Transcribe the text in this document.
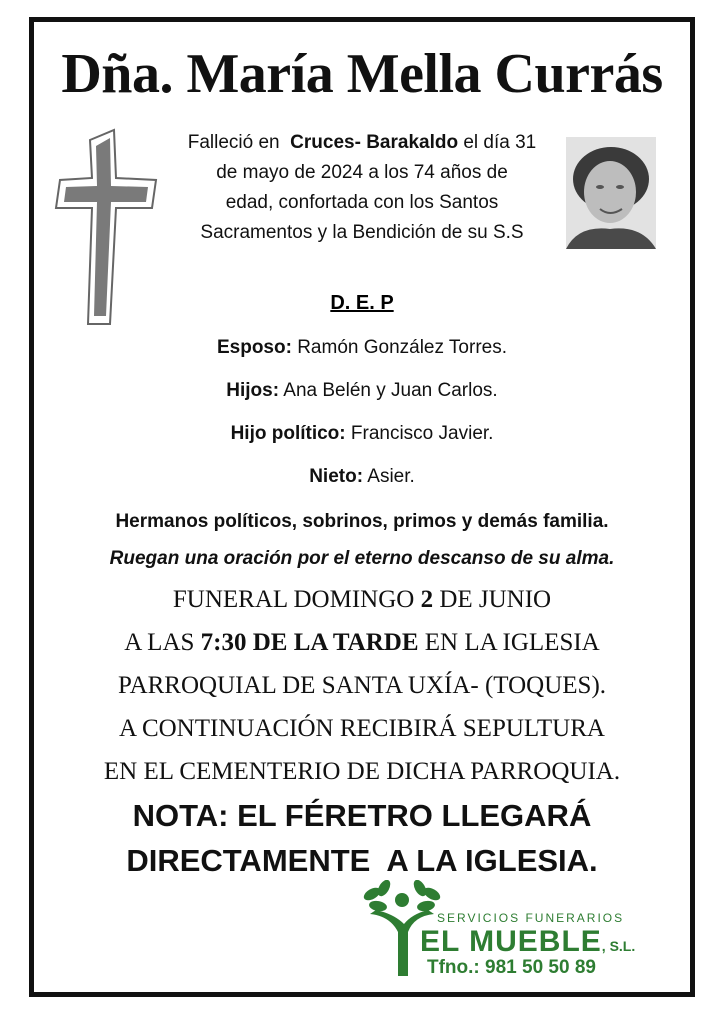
Dña. María Mella Currás
Falleció en Cruces- Barakaldo el día 31
de mayo de 2024 a los 74 años de
edad, confortada con los Santos
Sacramentos y la Bendición de su S.S
D. E. P
Esposo: Ramón González Torres.
Hijos: Ana Belén y Juan Carlos.
Hijo político: Francisco Javier.
Nieto: Asier.
Hermanos políticos, sobrinos, primos y demás familia.
Ruegan una oración por el eterno descanso de su alma.
FUNERAL DOMINGO 2 DE JUNIO
A LAS 7:30 DE LA TARDE EN LA IGLESIA
PARROQUIAL DE SANTA UXÍA- (TOQUES).
A CONTINUACIÓN RECIBIRÁ SEPULTURA
EN EL CEMENTERIO DE DICHA PARROQUIA.
NOTA: EL FÉRETRO LLEGARÁ
DIRECTAMENTE  A LA IGLESIA.
SERVICIOS FUNERARIOS
EL MUEBLE, S.L.
Tfno.: 981 50 50 89
